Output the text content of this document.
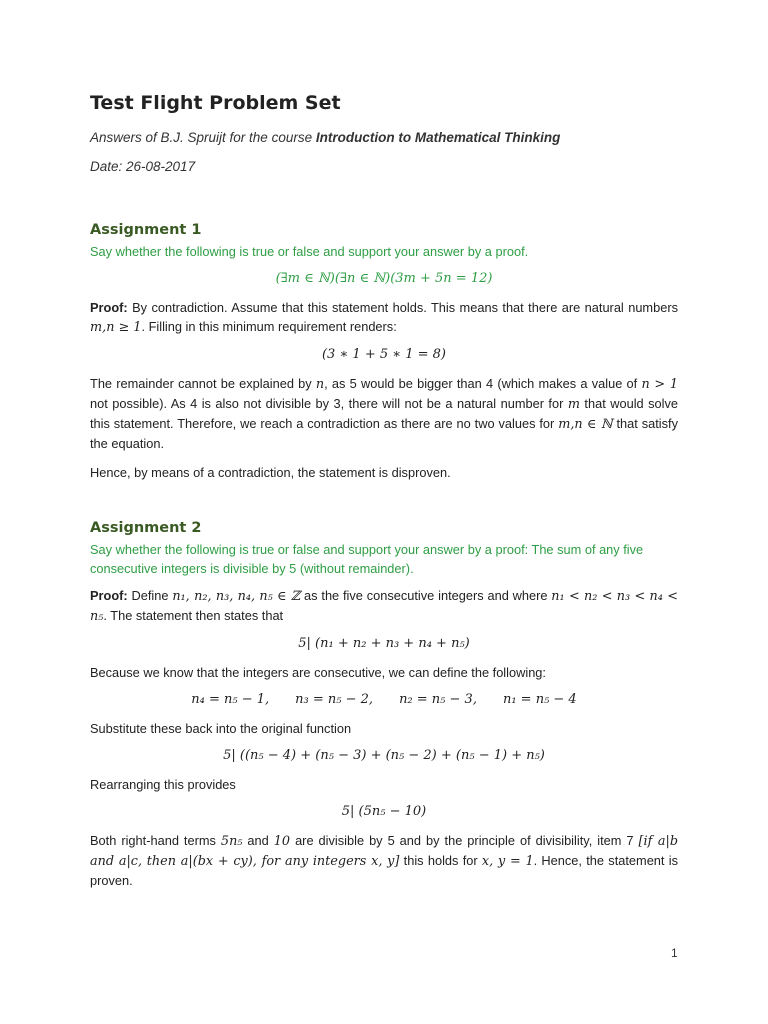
Test Flight Problem Set

Answers of B.J. Spruijt for the course Introduction to Mathematical Thinking

Date: 26-08-2017

Assignment 1

Say whether the following is true or false and support your answer by a proof.

(∃m ∈ ℕ)(∃n ∈ ℕ)(3m + 5n = 12)

Proof: By contradiction. Assume that this statement holds. This means that there are natural numbers m,n ≥ 1. Filling in this minimum requirement renders:

(3 ∗ 1 + 5 ∗ 1 = 8)

The remainder cannot be explained by n, as 5 would be bigger than 4 (which makes a value of n > 1 not possible). As 4 is also not divisible by 3, there will not be a natural number for m that would solve this statement. Therefore, we reach a contradiction as there are no two values for m,n ∈ ℕ that satisfy the equation.

Hence, by means of a contradiction, the statement is disproven.

Assignment 2

Say whether the following is true or false and support your answer by a proof: The sum of any five consecutive integers is divisible by 5 (without remainder).

Proof: Define n₁, n₂, n₃, n₄, n₅ ∈ ℤ as the five consecutive integers and where n₁ < n₂ < n₃ < n₄ < n₅. The statement then states that

5| (n₁ + n₂ + n₃ + n₄ + n₅)

Because we know that the integers are consecutive, we can define the following:

n₄ = n₅ − 1, n₃ = n₅ − 2, n₂ = n₅ − 3, n₁ = n₅ − 4

Substitute these back into the original function

5| ((n₅ − 4) + (n₅ − 3) + (n₅ − 2) + (n₅ − 1) + n₅)

Rearranging this provides

5| (5n₅ − 10)

Both right-hand terms 5n₅ and 10 are divisible by 5 and by the principle of divisibility, item 7 [if a|b and a|c, then a|(bx + cy), for any integers x, y] this holds for x, y = 1. Hence, the statement is proven.

1
